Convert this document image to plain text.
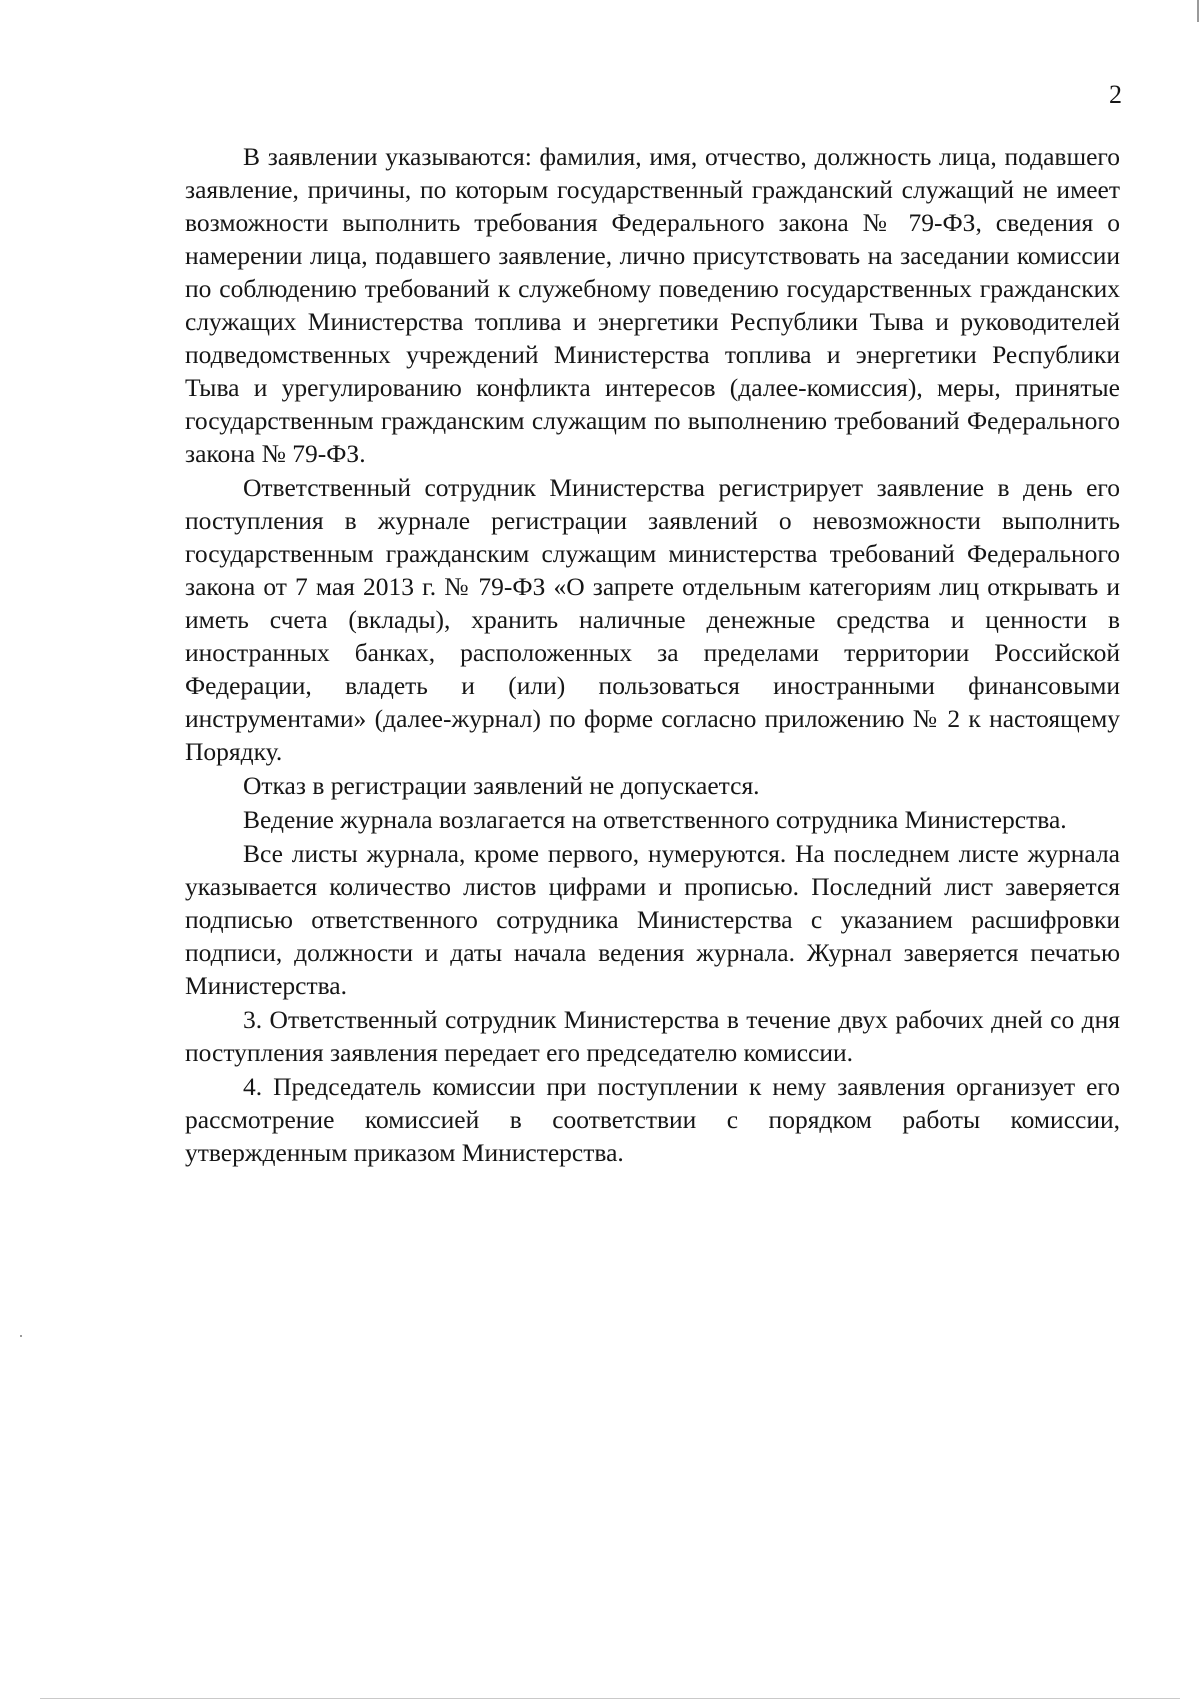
2

В заявлении указываются: фамилия, имя, отчество, должность лица, подавшего заявление, причины, по которым государственный гражданский служащий не имеет возможности выполнить требования Федерального закона № 79-ФЗ, сведения о намерении лица, подавшего заявление, лично присутствовать на заседании комиссии по соблюдению требований к служебному поведению государственных гражданских служащих Министерства топлива и энергетики Республики Тыва и руководителей подведомственных учреждений Министерства топлива и энергетики Республики Тыва и урегулированию конфликта интересов (далее-комиссия), меры, принятые государственным гражданским служащим по выполнению требований Федерального закона № 79-ФЗ.

Ответственный сотрудник Министерства регистрирует заявление в день его поступления в журнале регистрации заявлений о невозможности выполнить государственным гражданским служащим министерства требований Федерального закона от 7 мая 2013 г. № 79-ФЗ «О запрете отдельным категориям лиц открывать и иметь счета (вклады), хранить наличные денежные средства и ценности в иностранных банках, расположенных за пределами территории Российской Федерации, владеть и (или) пользоваться иностранными финансовыми инструментами» (далее-журнал) по форме согласно приложению № 2 к настоящему Порядку.

Отказ в регистрации заявлений не допускается.

Ведение журнала возлагается на ответственного сотрудника Министерства.

Все листы журнала, кроме первого, нумеруются. На последнем листе журнала указывается количество листов цифрами и прописью. Последний лист заверяется подписью ответственного сотрудника Министерства с указанием расшифровки подписи, должности и даты начала ведения журнала. Журнал заверяется печатью Министерства.

3. Ответственный сотрудник Министерства в течение двух рабочих дней со дня поступления заявления передает его председателю комиссии.

4. Председатель комиссии при поступлении к нему заявления организует его рассмотрение комиссией в соответствии с порядком работы комиссии, утвержденным приказом Министерства.
